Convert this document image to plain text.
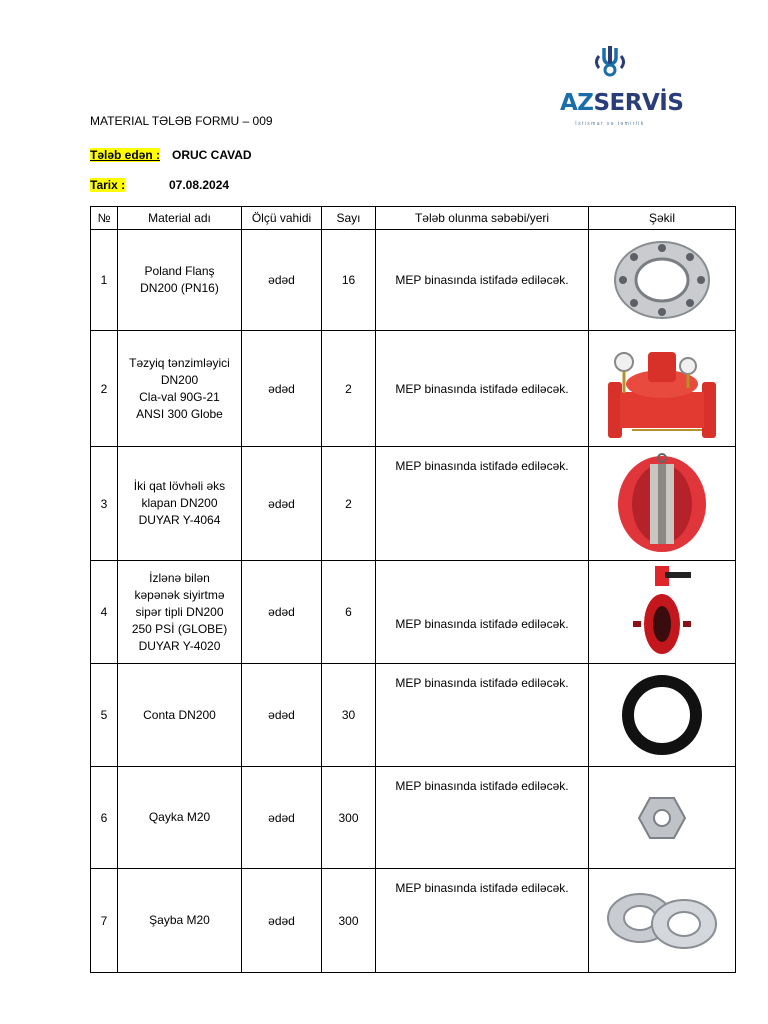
AZSERVİS
İstismar və təmirlik
MATERIAL TƏLƏB FORMU – 009
Tələb edən : ORUC CAVAD
Tarix :	07.08.2024
№	Material adı	Ölçü vahidi	Sayı	Tələb olunma səbəbi/yeri	Şəkil
1	Poland Flanş
DN200 (PN16)	ədəd	16	MEP binasında istifadə ediləcək.	

2	Təzyiq tənzimləyici
DN200
Cla-val 90G-21
ANSI 300 Globe	ədəd	2	MEP binasında istifadə ediləcək.	

3	İki qat lövhəli əks
klapan DN200
DUYAR Y-4064	ədəd	2	MEP binasında istifadə ediləcək.	

4	İzlənə bilən
kəpənək siyirtmə
sipər tipli DN200
250 PSİ (GLOBE)
DUYAR Y-4020	ədəd	6	MEP binasında istifadə ediləcək.	

5	Conta DN200	ədəd	30	MEP binasında istifadə ediləcək.	

6	Qayka M20	ədəd	300	MEP binasında istifadə ediləcək.	

7	Şayba M20	ədəd	300	MEP binasında istifadə ediləcək.	
